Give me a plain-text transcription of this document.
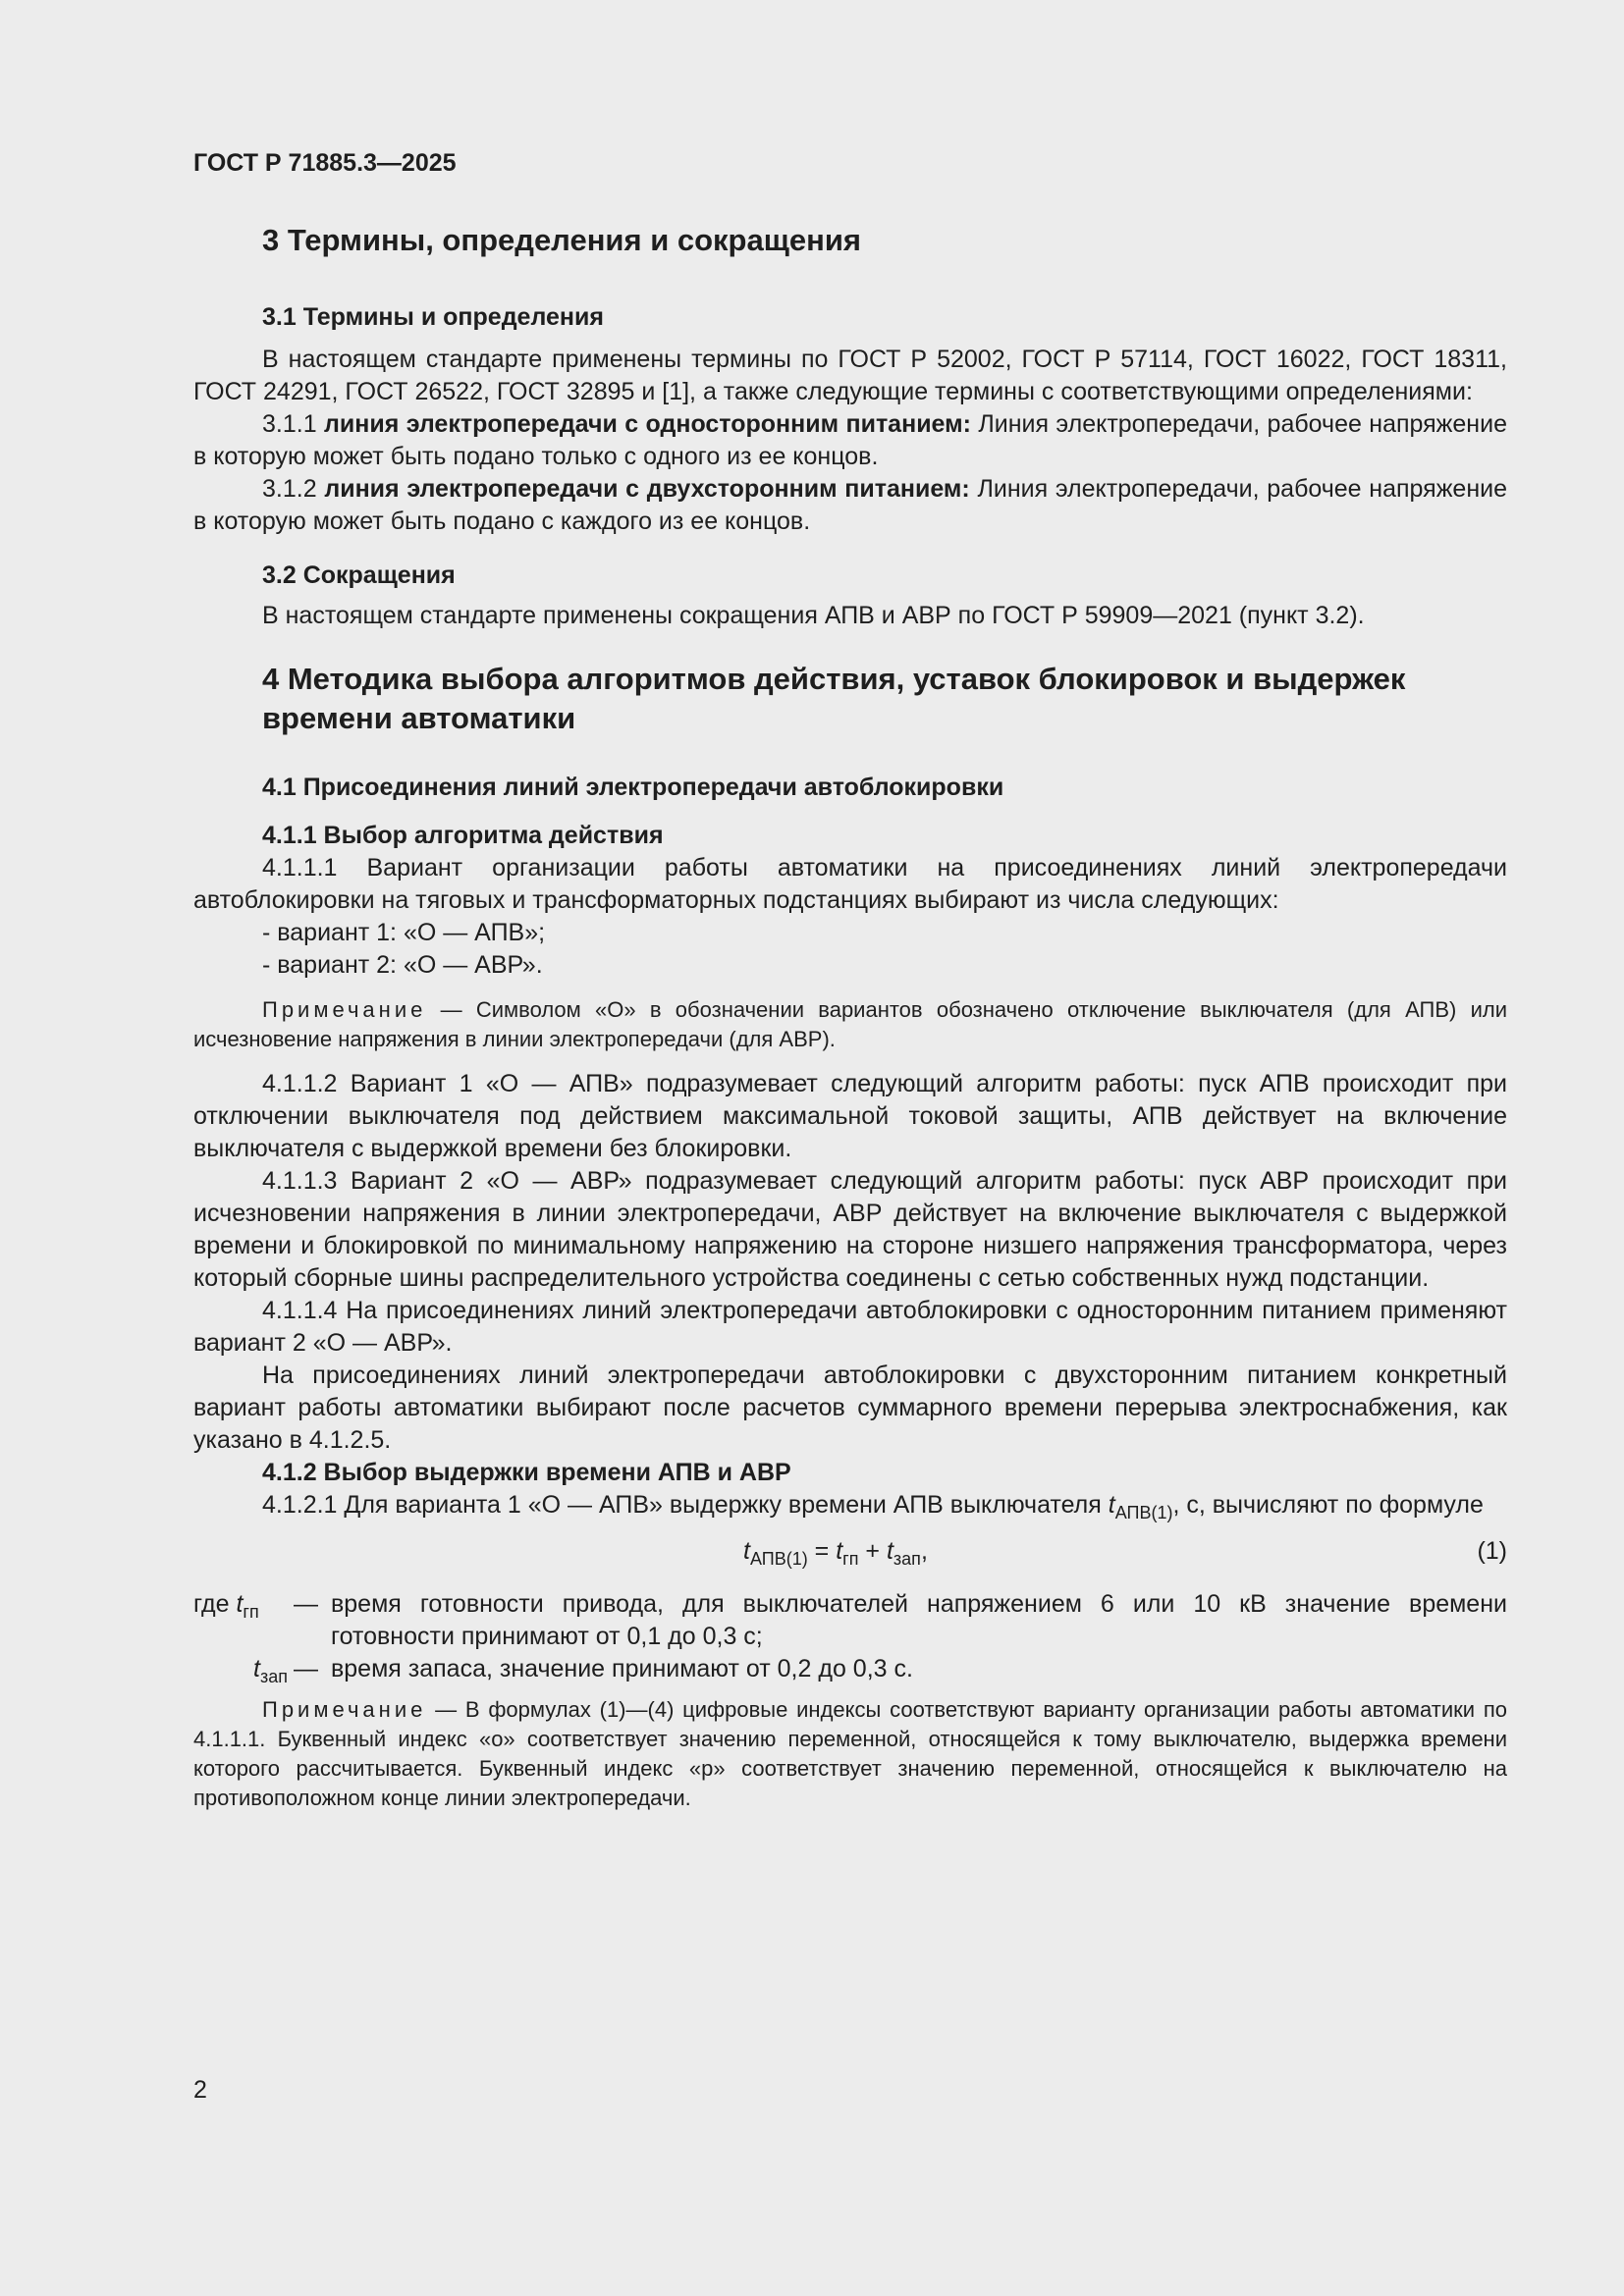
ГОСТ Р 71885.3—2025

3 Термины, определения и сокращения

3.1 Термины и определения

В настоящем стандарте применены термины по ГОСТ Р 52002, ГОСТ Р 57114, ГОСТ 16022, ГОСТ 18311, ГОСТ 24291, ГОСТ 26522, ГОСТ 32895 и [1], а также следующие термины с соответствующими определениями:

3.1.1 линия электропередачи с односторонним питанием: Линия электропередачи, рабочее напряжение в которую может быть подано только с одного из ее концов.

3.1.2 линия электропередачи с двухсторонним питанием: Линия электропередачи, рабочее напряжение в которую может быть подано с каждого из ее концов.

3.2 Сокращения

В настоящем стандарте применены сокращения АПВ и АВР по ГОСТ Р 59909—2021 (пункт 3.2).

4 Методика выбора алгоритмов действия, уставок блокировок и выдержек времени автоматики

4.1 Присоединения линий электропередачи автоблокировки

4.1.1 Выбор алгоритма действия

4.1.1.1 Вариант организации работы автоматики на присоединениях линий электропередачи автоблокировки на тяговых и трансформаторных подстанциях выбирают из числа следующих:

- вариант 1: «О — АПВ»;

- вариант 2: «О — АВР».

Примечание — Символом «О» в обозначении вариантов обозначено отключение выключателя (для АПВ) или исчезновение напряжения в линии электропередачи (для АВР).

4.1.1.2 Вариант 1 «О — АПВ» подразумевает следующий алгоритм работы: пуск АПВ происходит при отключении выключателя под действием максимальной токовой защиты, АПВ действует на включение выключателя с выдержкой времени без блокировки.

4.1.1.3 Вариант 2 «О — АВР» подразумевает следующий алгоритм работы: пуск АВР происходит при исчезновении напряжения в линии электропередачи, АВР действует на включение выключателя с выдержкой времени и блокировкой по минимальному напряжению на стороне низшего напряжения трансформатора, через который сборные шины распределительного устройства соединены с сетью собственных нужд подстанции.

4.1.1.4 На присоединениях линий электропередачи автоблокировки с односторонним питанием применяют вариант 2 «О — АВР».

На присоединениях линий электропередачи автоблокировки с двухсторонним питанием конкретный вариант работы автоматики выбирают после расчетов суммарного времени перерыва электроснабжения, как указано в 4.1.2.5.

4.1.2 Выбор выдержки времени АПВ и АВР

4.1.2.1 Для варианта 1 «О — АПВ» выдержку времени АПВ выключателя $t_{АПВ(1)}$, с, вычисляют по формуле

$t_{АПВ(1)} = t_{гп} + t_{зап}$,	(1)
где $t_{гп}$	— время готовности привода, для выключателей напряжением 6 или 10 кВ значение времени готовности принимают от 0,1 до 0,3 с;
$t_{зап}$ — время запаса, значение принимают от 0,2 до 0,3 с.

Примечание — В формулах (1)—(4) цифровые индексы соответствуют варианту организации работы автоматики по 4.1.1.1. Буквенный индекс «о» соответствует значению переменной, относящейся к тому выключателю, выдержка времени которого рассчитывается. Буквенный индекс «р» соответствует значению переменной, относящейся к выключателю на противоположном конце линии электропередачи.

2
